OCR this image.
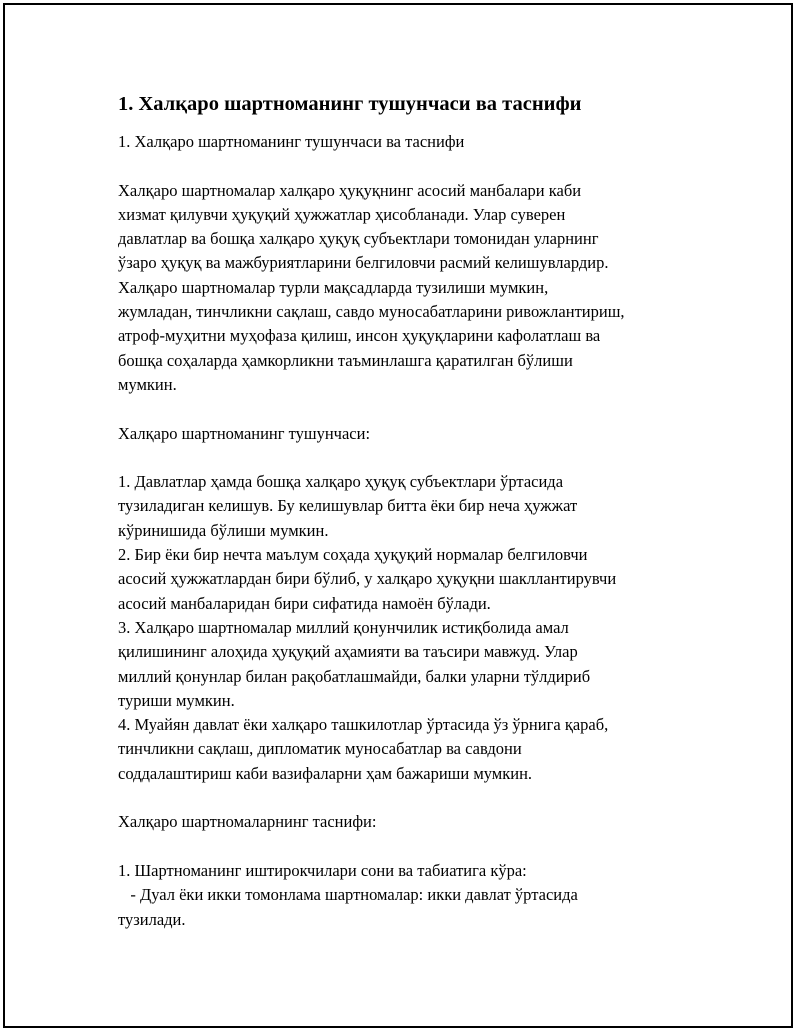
1. Халқаро шартноманинг тушунчаси ва таснифи

1. Халқаро шартноманинг тушунчаси ва таснифи

Халқаро шартномалар халқаро ҳуқуқнинг асосий манбалари каби
хизмат қилувчи ҳуқуқий ҳужжатлар ҳисобланади. Улар суверен
давлатлар ва бошқа халқаро ҳуқуқ субъектлари томонидан уларнинг
ўзаро ҳуқуқ ва мажбуриятларини белгиловчи расмий келишувлардир.
Халқаро шартномалар турли мақсадларда тузилиши мумкин,
жумладан, тинчликни сақлаш, савдо муносабатларини ривожлантириш,
атроф-муҳитни муҳофаза қилиш, инсон ҳуқуқларини кафолатлаш ва
бошқа соҳаларда ҳамкорликни таъминлашга қаратилган бўлиши
мумкин.

Халқаро шартноманинг тушунчаси:

1. Давлатлар ҳамда бошқа халқаро ҳуқуқ субъектлари ўртасида
тузиладиган келишув. Бу келишувлар битта ёки бир неча ҳужжат
кўринишида бўлиши мумкин.
2. Бир ёки бир нечта маълум соҳада ҳуқуқий нормалар белгиловчи
асосий ҳужжатлардан бири бўлиб, у халқаро ҳуқуқни шакллантирувчи
асосий манбаларидан бири сифатида намоён бўлади.
3. Халқаро шартномалар миллий қонунчилик истиқболида амал
қилишининг алоҳида ҳуқуқий аҳамияти ва таъсири мавжуд. Улар
миллий қонунлар билан рақобатлашмайди, балки уларни тўлдириб
туриши мумкин.
4. Муайян давлат ёки халқаро ташкилотлар ўртасида ўз ўрнига қараб,
тинчликни сақлаш, дипломатик муносабатлар ва савдони
соддалаштириш каби вазифаларни ҳам бажариши мумкин.

Халқаро шартномаларнинг таснифи:

1. Шартноманинг иштирокчилари сони ва табиатига кўра:
- Дуал ёки икки томонлама шартномалар: икки давлат ўртасида
тузилади.
